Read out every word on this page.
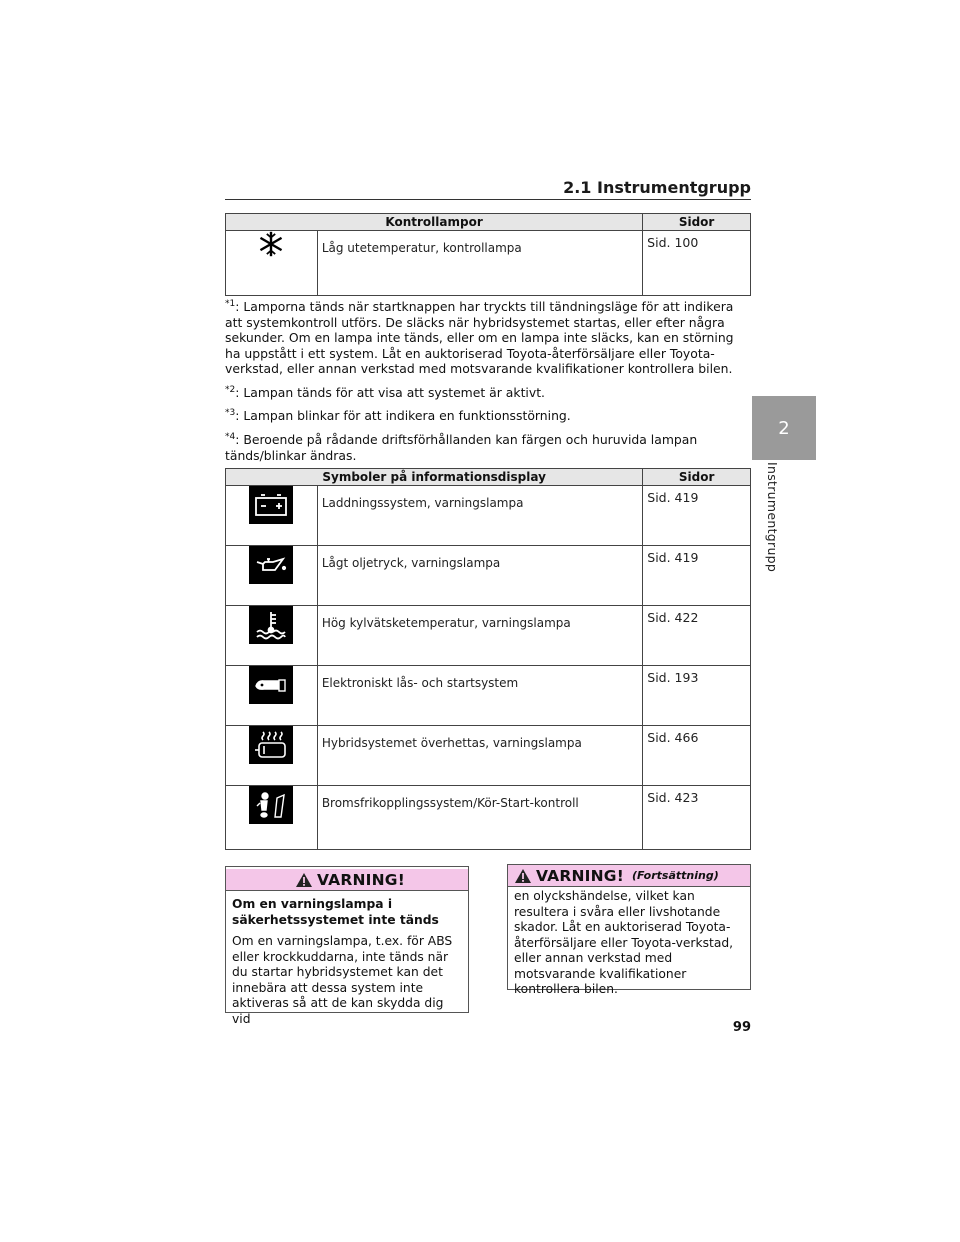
2.1 Instrumentgrupp
Kontrollampor		Sidor
	Låg utetemperatur, kontrollampa	Sid. 100

$^{*1}$: Lamporna tänds när startknappen har tryckts till tändningsläge för att indikera att systemkontroll utförs. De släcks när hybridsystemet startas, eller efter några sekunder. Om en lampa inte tänds, eller om en lampa inte släcks, kan en störning ha uppstått i ett system. Låt en auktoriserad Toyota-återförsäljare eller Toyota-verkstad, eller annan verkstad med motsvarande kvalifikationer kontrollera bilen.

$^{*2}$: Lampan tänds för att visa att systemet är aktivt.

$^{*3}$: Lampan blinkar för att indikera en funktionsstörning.

$^{*4}$: Beroende på rådande driftsförhållanden kan färgen och huruvida lampan tänds/blinkar ändras.

Symboler på informationsdisplay		Sidor

	Laddningssystem, varningslampa	Sid. 419

	Lågt oljetryck, varningslampa	Sid. 419

	Hög kylvätsketemperatur, varningslampa	Sid. 422

	Elektroniskt lås- och startsystem	Sid. 193

	Hybridsystemet överhettas, varningslampa	Sid. 466

	Bromsfrikopplingssystem/Kör-Start-kontroll	Sid. 423
2
Instrumentgrupp
VARNING!
Om en varningslampa i säkerhetssystemet inte tänds
Om en varningslampa, t.ex. för ABS eller krockkuddarna, inte tänds när du startar hybridsystemet kan det innebära att dessa system inte aktiveras så att de kan skydda dig vid
VARNING! (Fortsättning)
en olyckshändelse, vilket kan resultera i svåra eller livshotande skador. Låt en auktoriserad Toyota-återförsäljare eller Toyota-verkstad, eller annan verkstad med motsvarande kvalifikationer kontrollera bilen.
99
